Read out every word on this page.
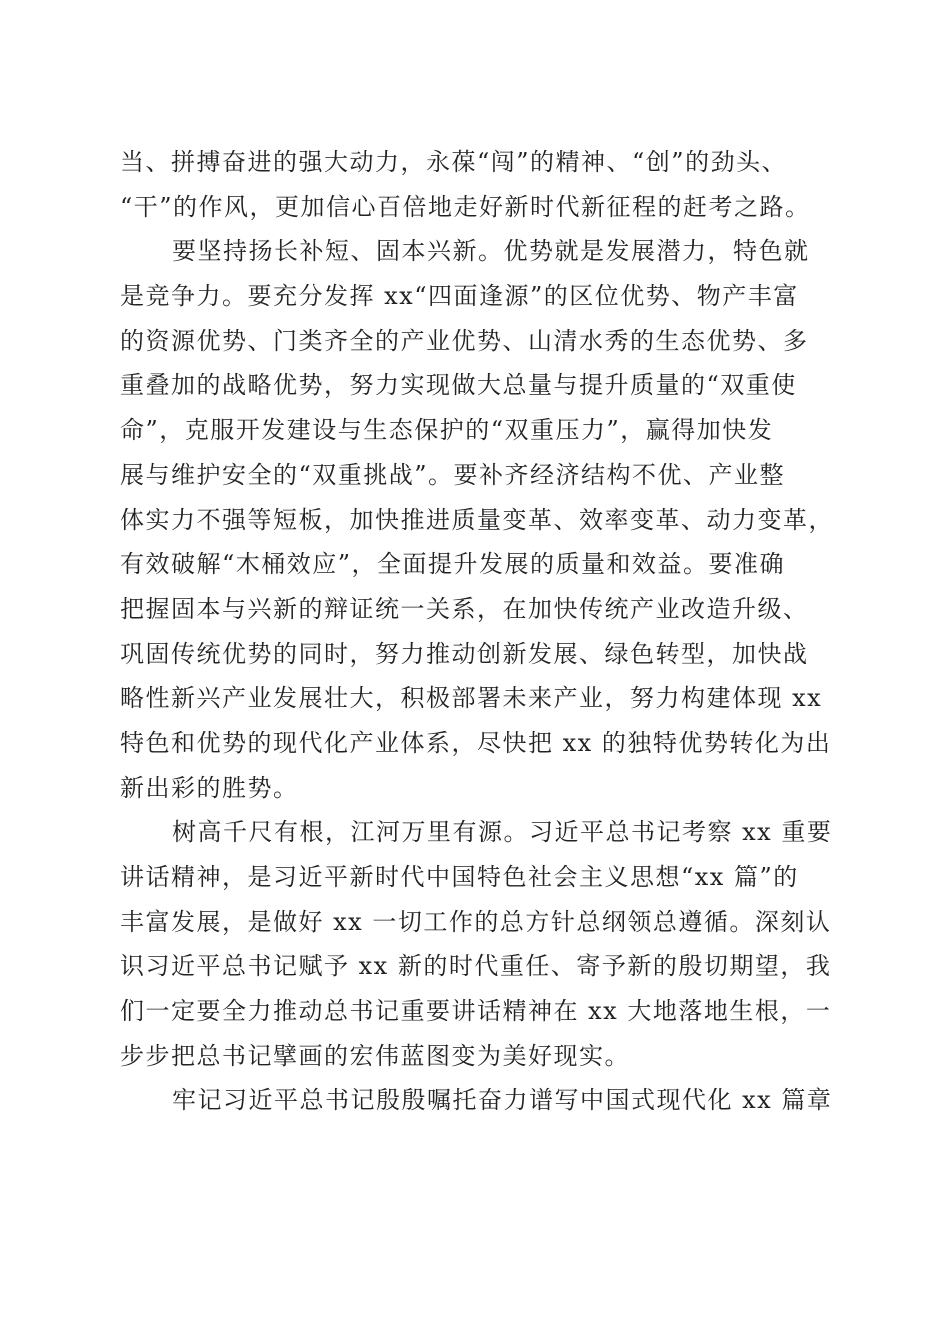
当、拼搏奋进的强大动力，永葆“闯”的精神、“创”的劲头、
“干”的作风，更加信心百倍地走好新时代新征程的赶考之路。
要坚持扬长补短、固本兴新。优势就是发展潜力，特色就
是竞争力。要充分发挥 xx“四面逢源”的区位优势、物产丰富
的资源优势、门类齐全的产业优势、山清水秀的生态优势、多
重叠加的战略优势，努力实现做大总量与提升质量的“双重使
命”，克服开发建设与生态保护的“双重压力”，赢得加快发
展与维护安全的“双重挑战”。要补齐经济结构不优、产业整
体实力不强等短板，加快推进质量变革、效率变革、动力变革，
有效破解“木桶效应”，全面提升发展的质量和效益。要准确
把握固本与兴新的辩证统一关系，在加快传统产业改造升级、
巩固传统优势的同时，努力推动创新发展、绿色转型，加快战
略性新兴产业发展壮大，积极部署未来产业，努力构建体现 xx
特色和优势的现代化产业体系，尽快把 xx 的独特优势转化为出
新出彩的胜势。
树高千尺有根，江河万里有源。习近平总书记考察 xx 重要
讲话精神，是习近平新时代中国特色社会主义思想“xx 篇”的
丰富发展，是做好 xx 一切工作的总方针总纲领总遵循。深刻认
识习近平总书记赋予 xx 新的时代重任、寄予新的殷切期望，我
们一定要全力推动总书记重要讲话精神在 xx 大地落地生根，一
步步把总书记擘画的宏伟蓝图变为美好现实。
牢记习近平总书记殷殷嘱托奋力谱写中国式现代化 xx 篇章
